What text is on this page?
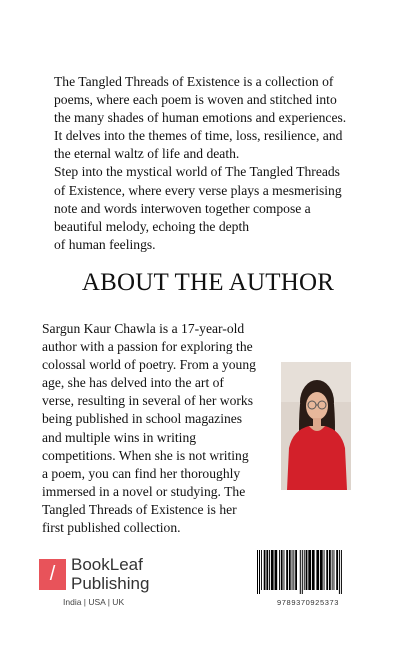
The Tangled Threads of Existence is a collection of
poems, where each poem is woven and stitched into
the many shades of human emotions and experiences.
It delves into the themes of time, loss, resilience, and
the eternal waltz of life and death.
Step into the mystical world of The Tangled Threads
of Existence, where every verse plays a mesmerising
note and words interwoven together compose a
beautiful melody, echoing the depth
of human feelings.
ABOUT THE AUTHOR
Sargun Kaur Chawla is a 17-year-old
author with a passion for exploring the
colossal world of poetry. From a young
age, she has delved into the art of
verse, resulting in several of her works
being published in school magazines
and multiple wins in writing
competitions. When she is not writing
a poem, you can find her thoroughly
immersed in a novel or studying. The
Tangled Threads of Existence is her
first published collection.
/ BookLeaf
Publishing
India | USA | UK	9789370925373
